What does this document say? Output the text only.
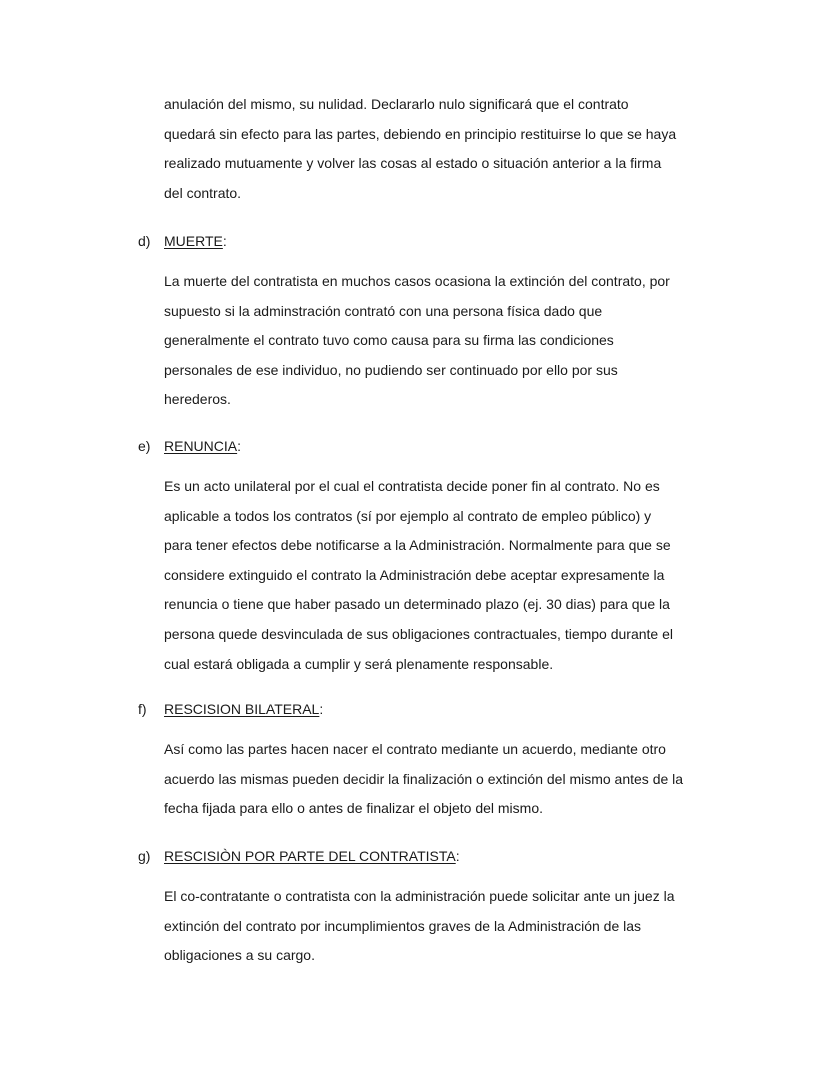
anulación del mismo, su nulidad. Declararlo nulo significará que el contrato
quedará sin efecto para las partes, debiendo en principio restituirse lo que se haya
realizado mutuamente y volver las cosas al estado o situación anterior a la firma
del contrato.

d) MUERTE:

La muerte del contratista en muchos casos ocasiona la extinción del contrato, por
supuesto si la adminstración contrató con una persona física dado que
generalmente el contrato tuvo como causa para su firma las condiciones
personales de ese individuo, no pudiendo ser continuado por ello por sus
herederos.

e) RENUNCIA:

Es un acto unilateral por el cual el contratista decide poner fin al contrato. No es
aplicable a todos los contratos (sí por ejemplo al contrato de empleo público) y
para tener efectos debe notificarse a la Administración. Normalmente para que se
considere extinguido el contrato la Administración debe aceptar expresamente la
renuncia o tiene que haber pasado un determinado plazo (ej. 30 dias) para que la
persona quede desvinculada de sus obligaciones contractuales, tiempo durante el
cual estará obligada a cumplir y será plenamente responsable.

f) RESCISION BILATERAL:

Así como las partes hacen nacer el contrato mediante un acuerdo, mediante otro
acuerdo las mismas pueden decidir la finalización o extinción del mismo antes de la
fecha fijada para ello o antes de finalizar el objeto del mismo.

g) RESCISIÒN POR PARTE DEL CONTRATISTA:

El co-contratante o contratista con la administración puede solicitar ante un juez la
extinción del contrato por incumplimientos graves de la Administración de las
obligaciones a su cargo.
